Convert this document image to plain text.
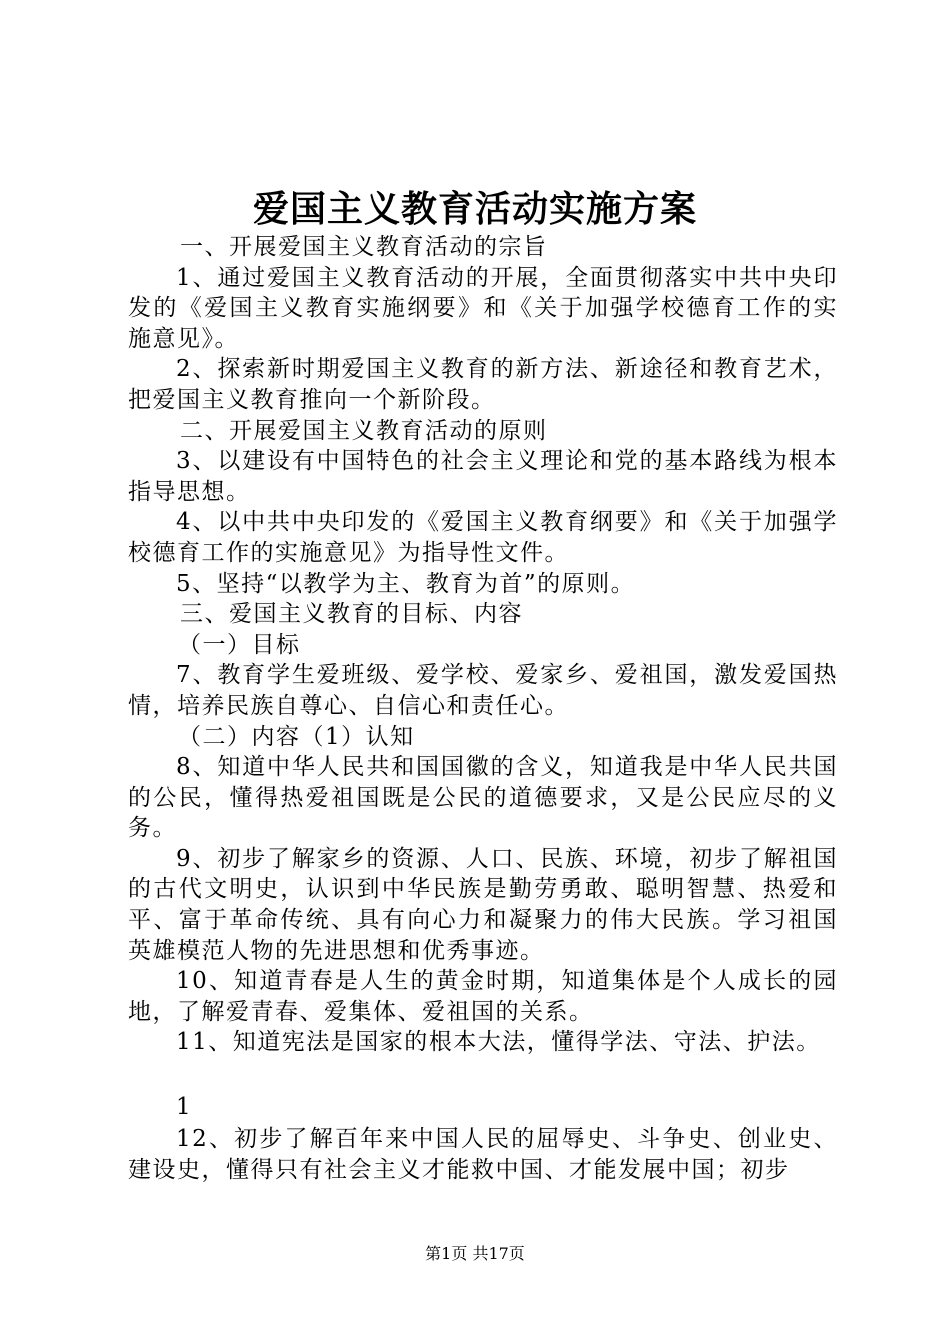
爱国主义教育活动实施方案

一、开展爱国主义教育活动的宗旨

1、通过爱国主义教育活动的开展，全面贯彻落实中共中央印发的《爱国主义教育实施纲要》和《关于加强学校德育工作的实施意见》。

2、探索新时期爱国主义教育的新方法、新途径和教育艺术，把爱国主义教育推向一个新阶段。

二、开展爱国主义教育活动的原则

3、以建设有中国特色的社会主义理论和党的基本路线为根本指导思想。

4、以中共中央印发的《爱国主义教育纲要》和《关于加强学校德育工作的实施意见》为指导性文件。

5、坚持“以教学为主、教育为首”的原则。

三、爱国主义教育的目标、内容

（一）目标

7、教育学生爱班级、爱学校、爱家乡、爱祖国，激发爱国热情，培养民族自尊心、自信心和责任心。

（二）内容（1）认知

8、知道中华人民共和国国徽的含义，知道我是中华人民共国的公民，懂得热爱祖国既是公民的道德要求，又是公民应尽的义务。

9、初步了解家乡的资源、人口、民族、环境，初步了解祖国的古代文明史，认识到中华民族是勤劳勇敢、聪明智慧、热爱和平、富于革命传统、具有向心力和凝聚力的伟大民族。学习祖国英雄模范人物的先进思想和优秀事迹。

10、知道青春是人生的黄金时期，知道集体是个人成长的园地，了解爱青春、爱集体、爱祖国的关系。

11、知道宪法是国家的根本大法，懂得学法、守法、护法。

1

12、初步了解百年来中国人民的屈辱史、斗争史、创业史、建设史，懂得只有社会主义才能救中国、才能发展中国；初步

第1页 共17页
